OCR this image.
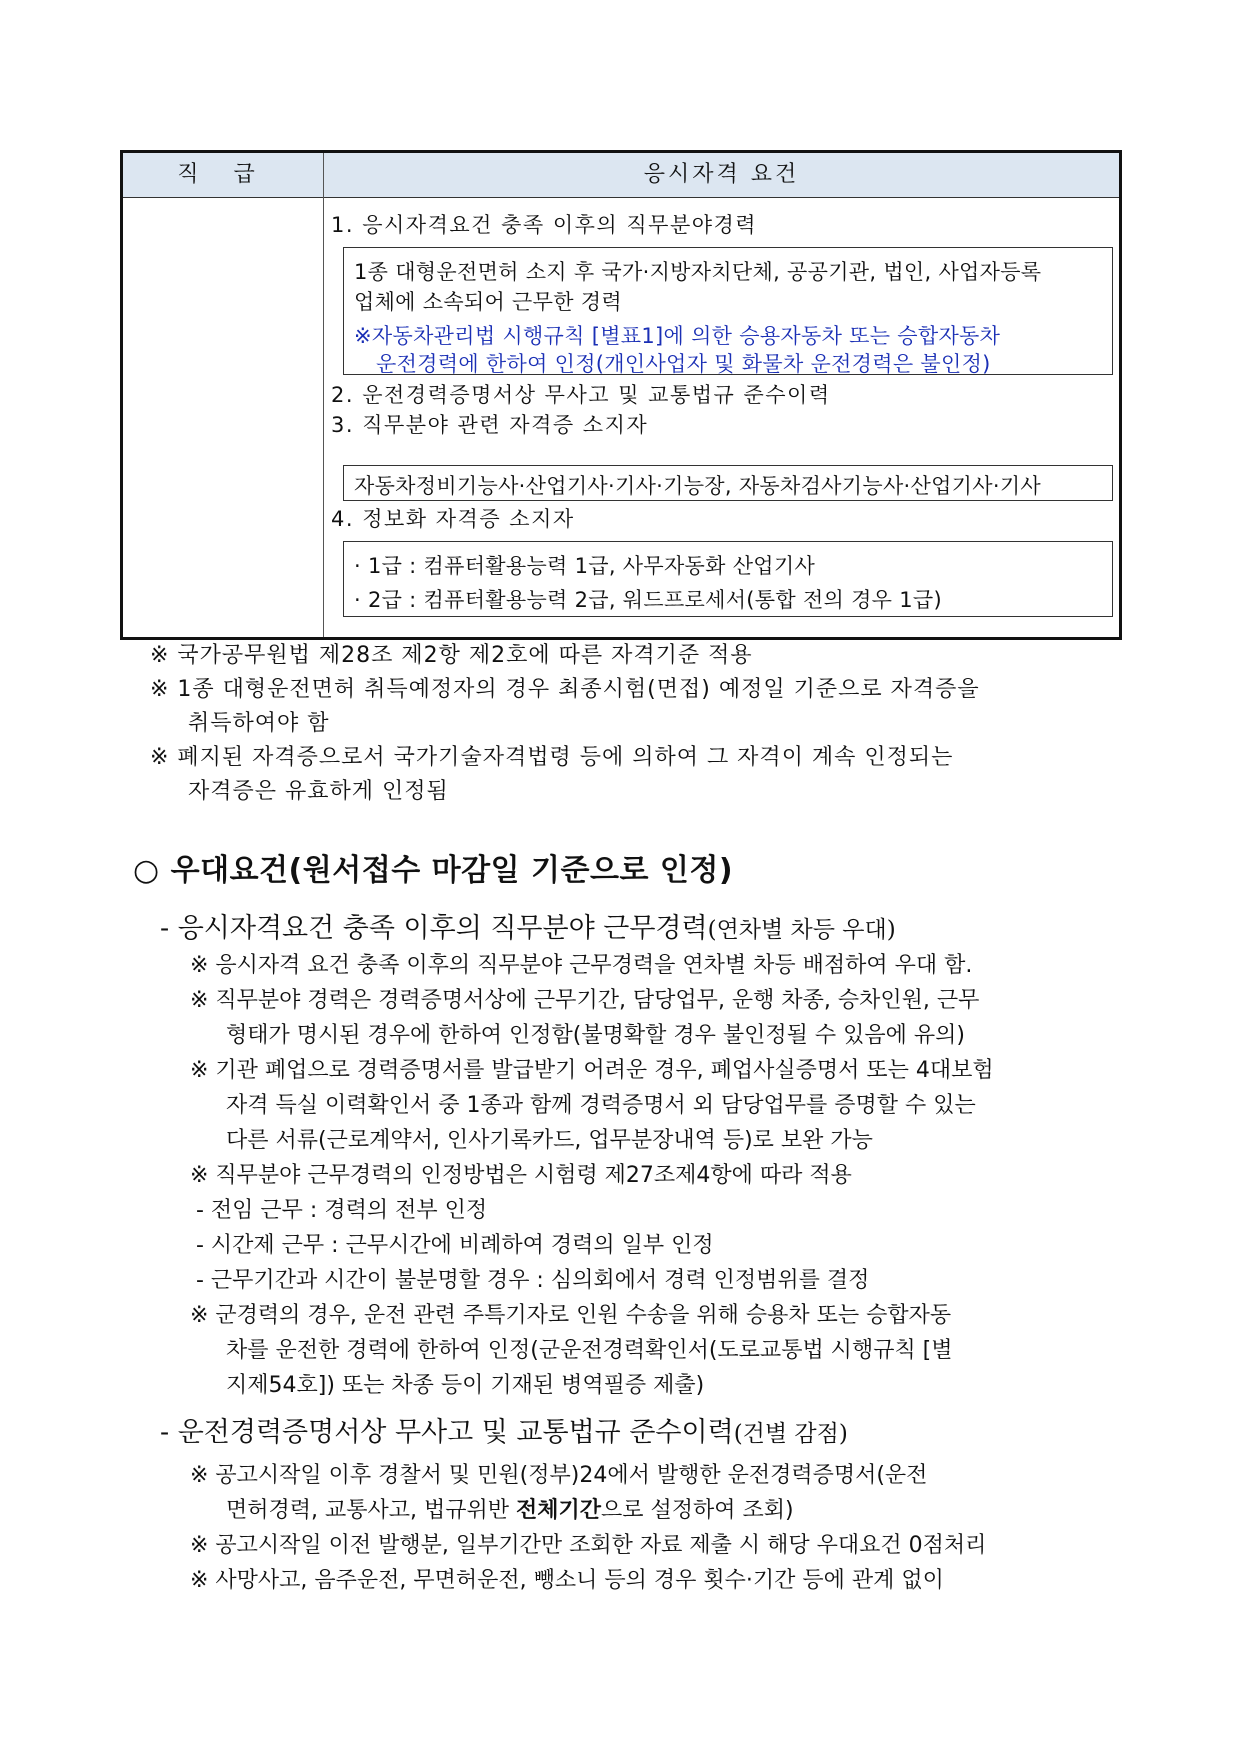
직 급	응시자격 요건
1. 응시자격요건 충족 이후의 직무분야경력
1종 대형운전면허 소지 후 국가·지방자치단체, 공공기관, 법인, 사업자등록
업체에 소속되어 근무한 경력
※자동차관리법 시행규칙 [별표1]에 의한 승용자동차 또는 승합자동차
운전경력에 한하여 인정(개인사업자 및 화물차 운전경력은 불인정)
2. 운전경력증명서상 무사고 및 교통법규 준수이력
3. 직무분야 관련 자격증 소지자
자동차정비기능사·산업기사·기사·기능장, 자동차검사기능사·산업기사·기사
4. 정보화 자격증 소지자
· 1급 : 컴퓨터활용능력 1급, 사무자동화 산업기사
· 2급 : 컴퓨터활용능력 2급, 워드프로세서(통합 전의 경우 1급)
※ 국가공무원법 제28조 제2항 제2호에 따른 자격기준 적용
※ 1종 대형운전면허 취득예정자의 경우 최종시험(면접) 예정일 기준으로 자격증을
취득하여야 함
※ 폐지된 자격증으로서 국가기술자격법령 등에 의하여 그 자격이 계속 인정되는
자격증은 유효하게 인정됨
○ 우대요건(원서접수 마감일 기준으로 인정)
- 응시자격요건 충족 이후의 직무분야 근무경력(연차별 차등 우대)
※ 응시자격 요건 충족 이후의 직무분야 근무경력을 연차별 차등 배점하여 우대 함.
※ 직무분야 경력은 경력증명서상에 근무기간, 담당업무, 운행 차종, 승차인원, 근무
형태가 명시된 경우에 한하여 인정함(불명확할 경우 불인정될 수 있음에 유의)
※ 기관 폐업으로 경력증명서를 발급받기 어려운 경우, 폐업사실증명서 또는 4대보험
자격 득실 이력확인서 중 1종과 함께 경력증명서 외 담당업무를 증명할 수 있는
다른 서류(근로계약서, 인사기록카드, 업무분장내역 등)로 보완 가능
※ 직무분야 근무경력의 인정방법은 시험령 제27조제4항에 따라 적용
- 전임 근무 : 경력의 전부 인정
- 시간제 근무 : 근무시간에 비례하여 경력의 일부 인정
- 근무기간과 시간이 불분명할 경우 : 심의회에서 경력 인정범위를 결정
※ 군경력의 경우, 운전 관련 주특기자로 인원 수송을 위해 승용차 또는 승합자동
차를 운전한 경력에 한하여 인정(군운전경력확인서(도로교통법 시행규칙 [별
지제54호]) 또는 차종 등이 기재된 병역필증 제출)
- 운전경력증명서상 무사고 및 교통법규 준수이력(건별 감점)
※ 공고시작일 이후 경찰서 및 민원(정부)24에서 발행한 운전경력증명서(운전
면허경력, 교통사고, 법규위반 전체기간으로 설정하여 조회)
※ 공고시작일 이전 발행분, 일부기간만 조회한 자료 제출 시 해당 우대요건 0점처리
※ 사망사고, 음주운전, 무면허운전, 뺑소니 등의 경우 횟수·기간 등에 관계 없이
